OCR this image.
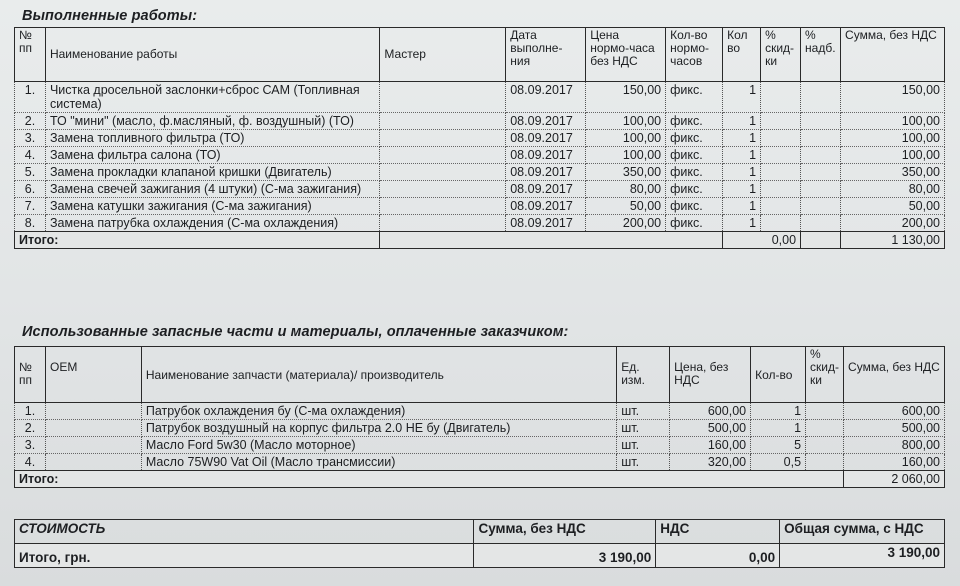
Выполненные работы:
№ пп	Наименование работы	Мастер	Дата выполне-ния	Цена нормо-часа без НДС	Кол-во нормо-часов	Кол во	% скид-ки	% надб.	Сумма, без НДС
1.	Чистка дросельной заслонки+сброс САМ (Топливная система)		08.09.2017	150,00	фикс.	1			150,00
2.	ТО "мини" (масло, ф.масляный, ф. воздушный) (ТО)		08.09.2017	100,00	фикс.	1			100,00
3.	Замена топливного фильтра (ТО)		08.09.2017	100,00	фикс.	1			100,00
4.	Замена фильтра салона (ТО)		08.09.2017	100,00	фикс.	1			100,00
5.	Замена прокладки клапаной кришки (Двигатель)		08.09.2017	350,00	фикс.	1			350,00
6.	Замена свечей зажигания (4 штуки) (С-ма зажигания)		08.09.2017	80,00	фикс.	1			80,00
7.	Замена катушки зажигания (С-ма зажигания)		08.09.2017	50,00	фикс.	1			50,00
8.	Замена патрубка охлаждения (С-ма охлаждения)		08.09.2017	200,00	фикс.	1			200,00
Итого:						0,00			1 130,00
Использованные запасные части и материалы, оплаченные заказчиком:
№ пп	OEM	Наименование запчасти (материала)/ производитель	Ед. изм.	Цена, без НДС	Кол-во	% скид-ки	Сумма, без НДС
1.		Патрубок охлаждения бу (С-ма охлаждения)	шт.	600,00	1		600,00
2.		Патрубок воздушный на корпус фильтра 2.0 НЕ бу (Двигатель)	шт.	500,00	1		500,00
3.		Масло Ford 5w30 (Масло моторное)	шт.	160,00	5		800,00
4.		Масло 75W90 Vat Oil (Масло трансмиссии)	шт.	320,00	0,5		160,00
Итого:							2 060,00
СТОИМОСТЬ	Сумма, без НДС	НДС	Общая сумма, с НДС
Итого, грн.	3 190,00	0,00	3 190,00
